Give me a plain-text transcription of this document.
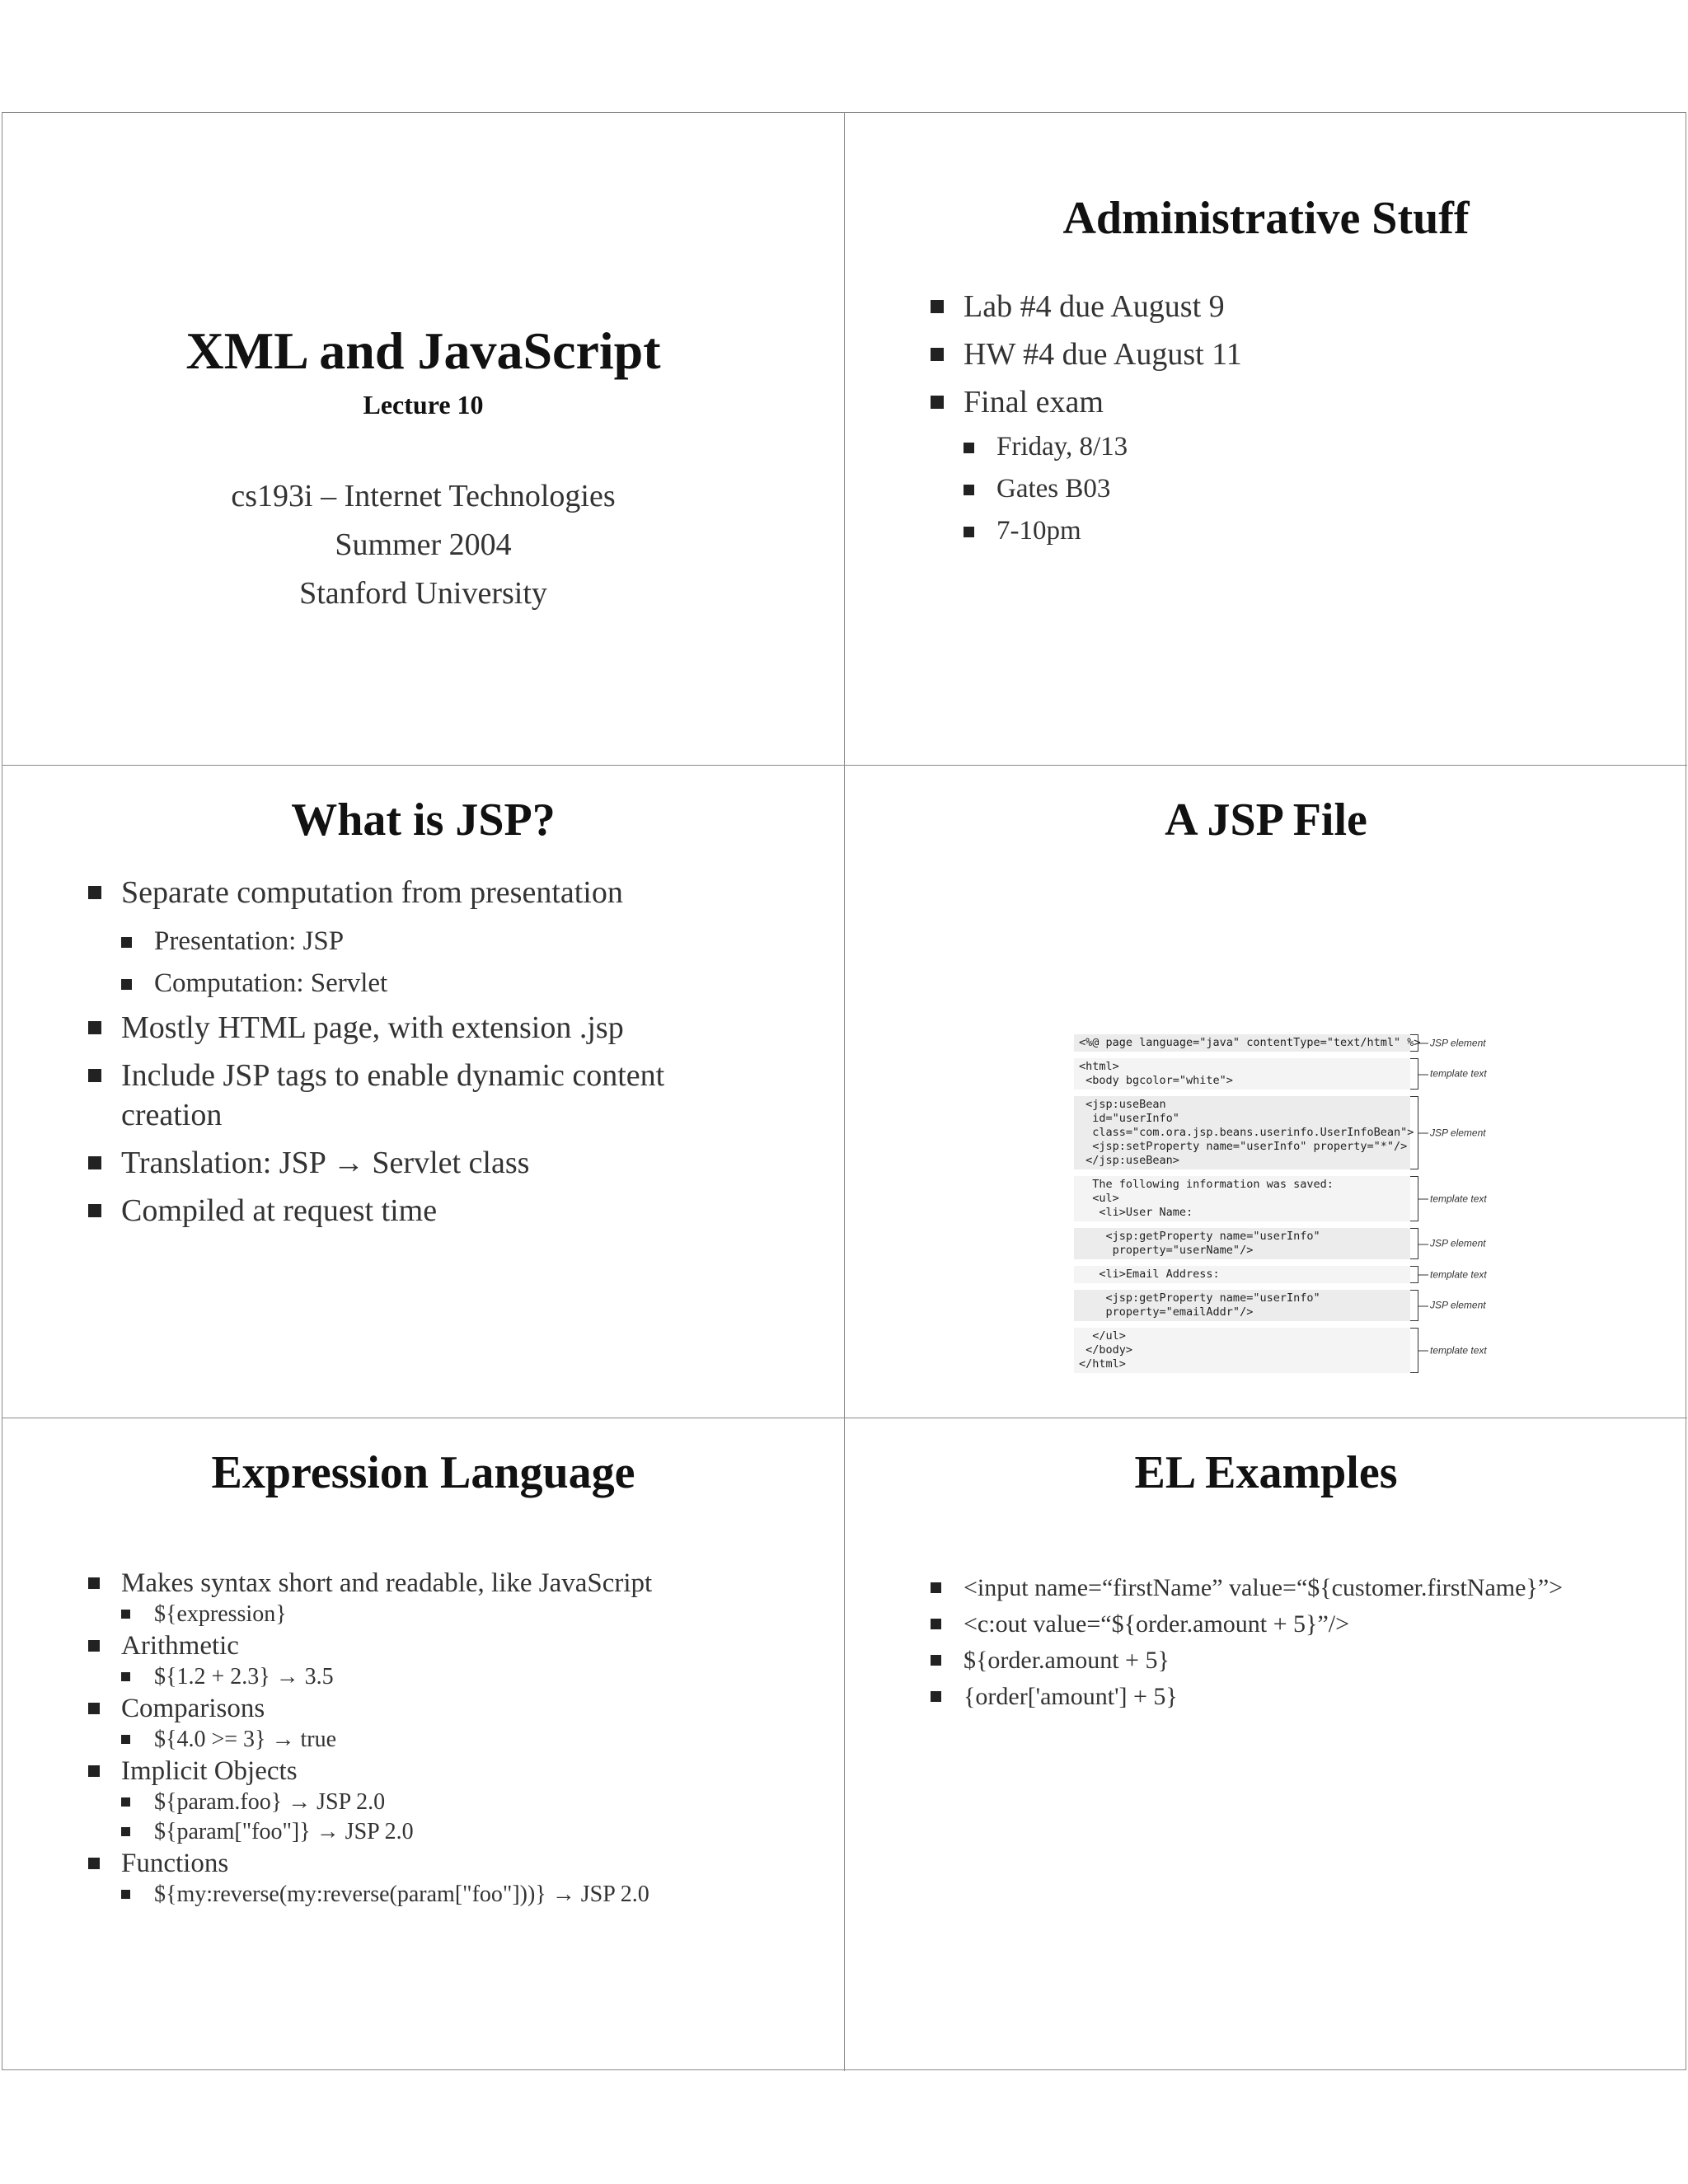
XML and JavaScript
Lecture 10
cs193i – Internet Technologies
Summer 2004
Stanford University
Administrative Stuff
Lab #4 due August 9
HW #4 due August 11
Final exam
Friday, 8/13
Gates B03
7-10pm
What is JSP?
Separate computation from presentation
Presentation: JSP
Computation: Servlet
Mostly HTML page, with extension .jsp
Include JSP tags to enable dynamic content creation
Translation: JSP → Servlet class
Compiled at request time
A JSP File
<%@ page language="java" contentType="text/html" %> JSP element
<html>
<body bgcolor="white">
template text
<jsp:useBean
id="userInfo"
class="com.ora.jsp.beans.userinfo.UserInfoBean">
<jsp:setProperty name="userInfo" property="*"/>
</jsp:useBean>
JSP element
The following information was saved:
<ul>
<li>User Name:
template text
<jsp:getProperty name="userInfo"
property="userName"/>
JSP element
<li>Email Address:	template text
<jsp:getProperty name="userInfo"
property="emailAddr"/>
JSP element
</ul>
</body>
</html>
template text
Expression Language
Makes syntax short and readable, like JavaScript
${expression}
Arithmetic
${1.2 + 2.3} → 3.5
Comparisons
${4.0 >= 3} → true
Implicit Objects
${param.foo} → JSP 2.0
${param["foo"]} → JSP 2.0
Functions
${my:reverse(my:reverse(param["foo"]))} → JSP 2.0
EL Examples
<input name=“firstName” value=“${customer.firstName}”>
<c:out value=“${order.amount + 5}”/>
${order.amount + 5}
{order['amount'] + 5}
